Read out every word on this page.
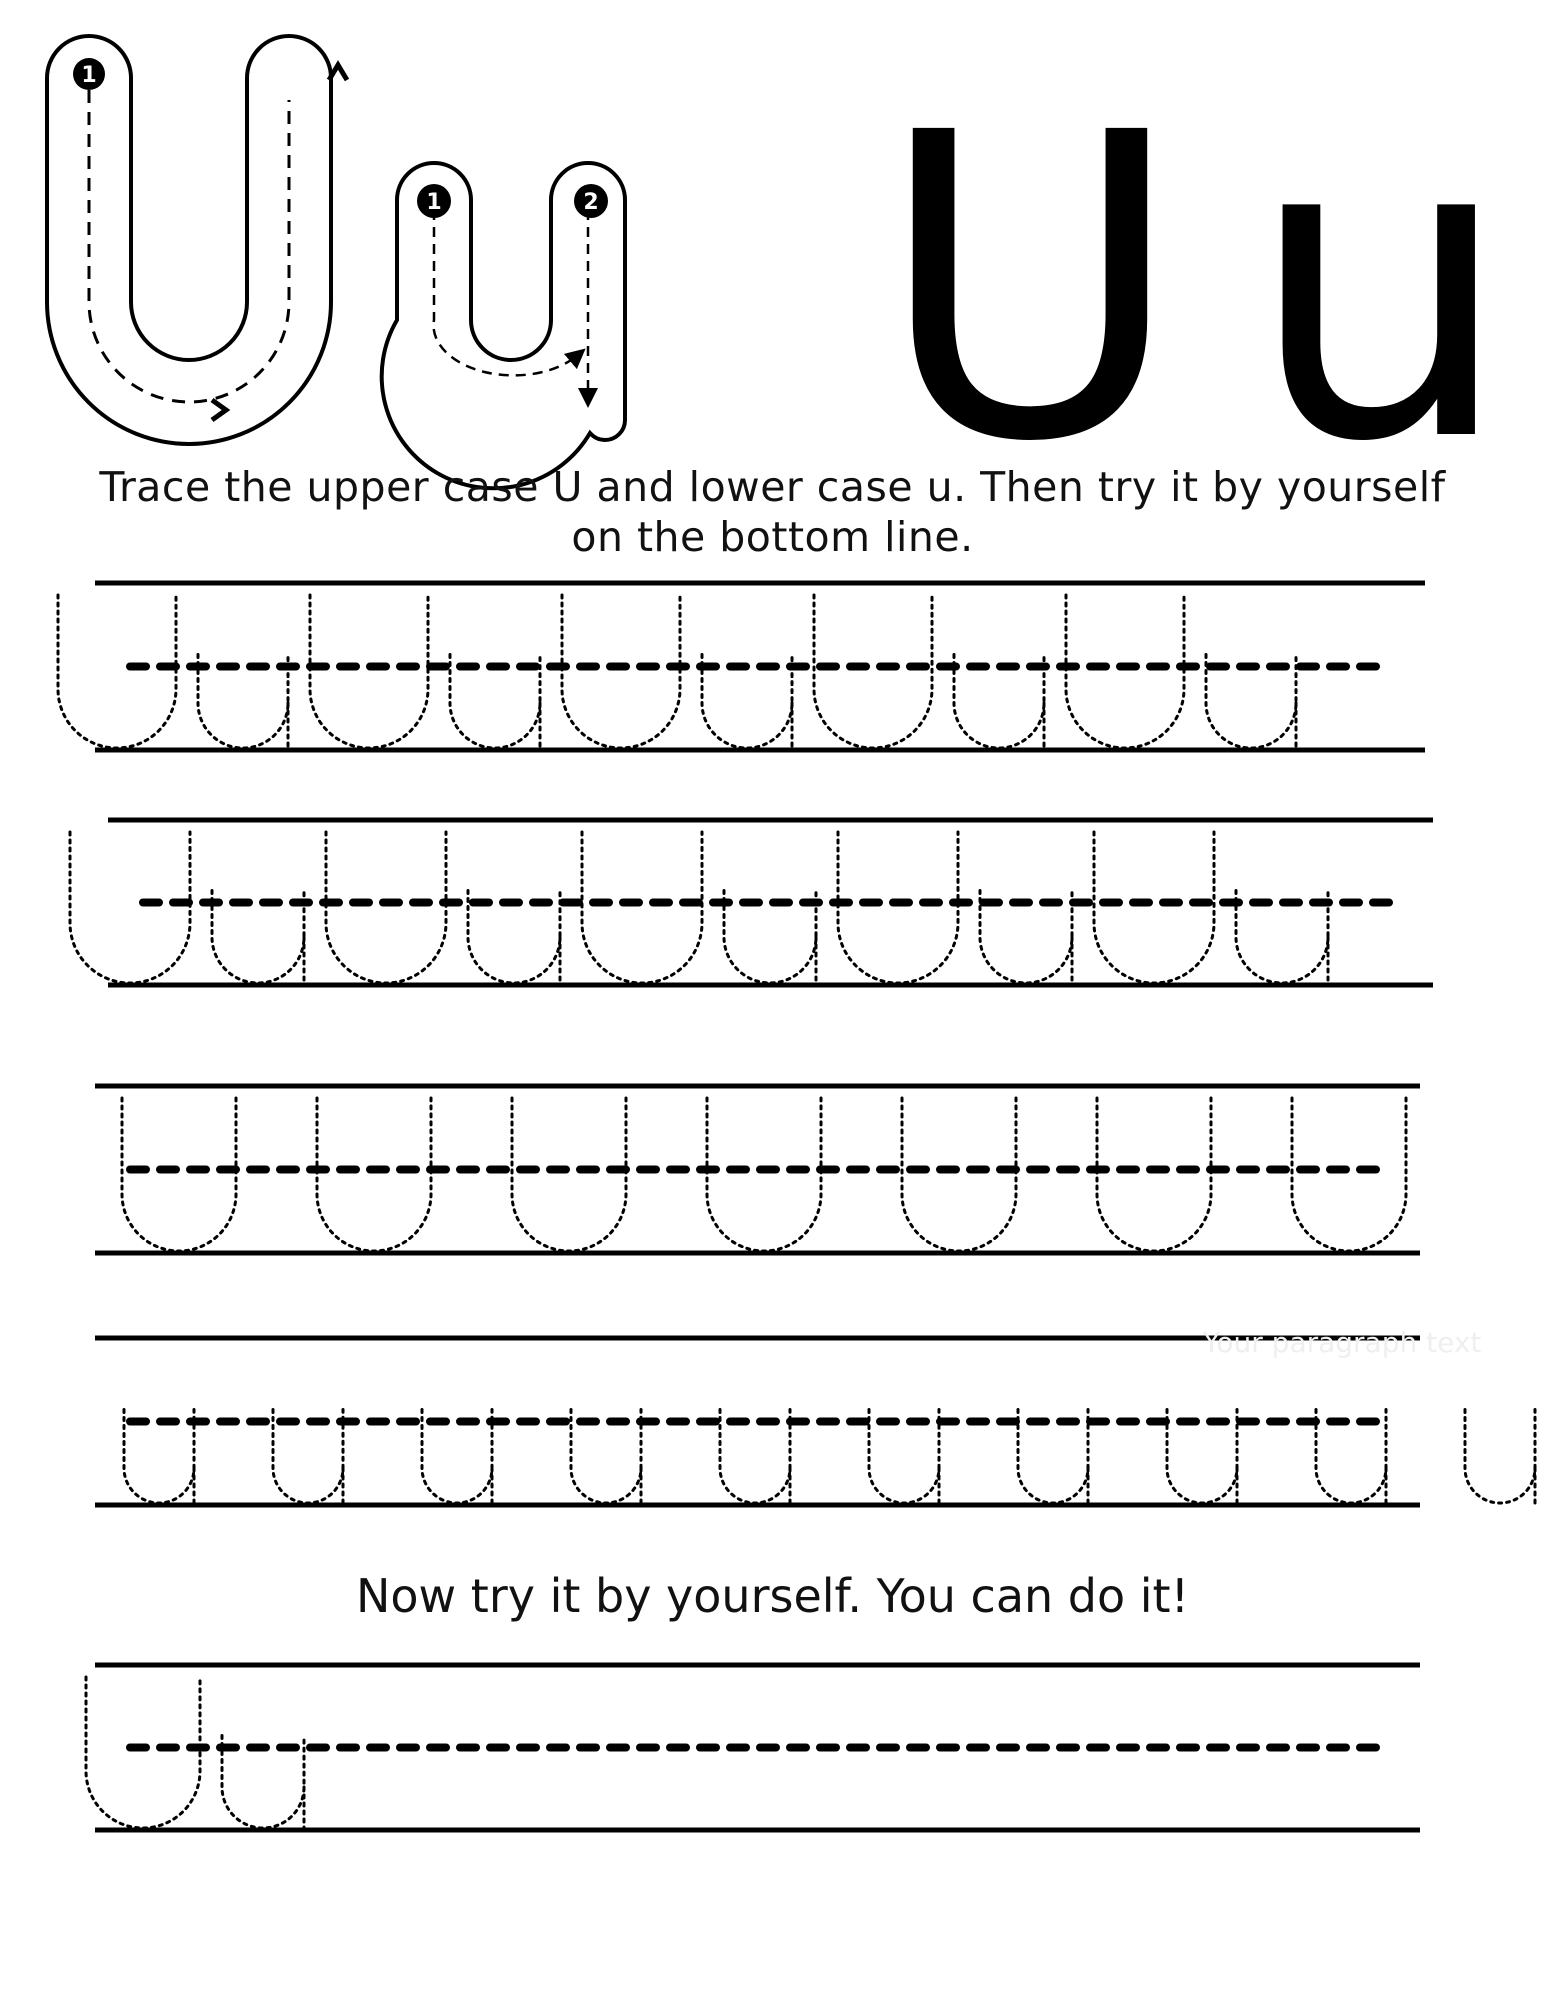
1
1	2 U u
Trace the upper case U and lower case u. Then try it by yourself
on the bottom line.
Now try it by yourself. You can do it!
Your paragraph text
